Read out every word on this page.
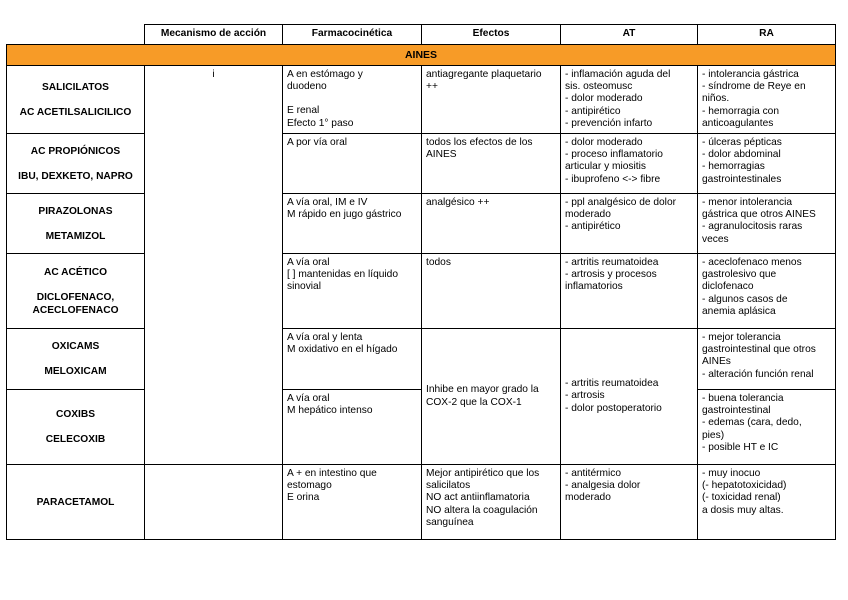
	Mecanismo de acción	Farmacocinética	Efectos	AT	RA
AINES					

SALICILATOS
AC ACETILSALICILICO	i	A en estómago y
duodeno
E renal
Efecto 1° paso	antiagregante plaquetario
++	- inflamación aguda del
sis. osteomusc
- dolor moderado
- antipirético
- prevención infarto	- intolerancia gástrica
- síndrome de Reye en
niños.
- hemorragia con
anticoagulantes

AC PROPIÓNICOS
IBU, DEXKETO, NAPRO		A por vía oral	todos los efectos de los
AINES	- dolor moderado
- proceso inflamatorio
articular y miositis
- ibuprofeno <-> fibre	- úlceras pépticas
- dolor abdominal
- hemorragias
gastrointestinales

PIRAZOLONAS
METAMIZOL		A vía oral, IM e IV
M rápido en jugo gástrico	analgésico ++	- ppl analgésico de dolor
moderado
- antipirético	- menor intolerancia
gástrica que otros AINES
- agranulocitosis raras
veces

AC ACÉTICO
DICLOFENACO,
ACECLOFENACO		A vía oral
[ ] mantenidas en líquido
sinovial	todos	- artritis reumatoidea
- artrosis y procesos
inflamatorios	- aceclofenaco menos
gastrolesivo que
diclofenaco
- algunos casos de
anemia aplásica

OXICAMS
MELOXICAM		A vía oral y lenta
M oxidativo en el hígado	Inhibe en mayor grado la
COX-2 que la COX-1	- artritis reumatoidea
- artrosis
- dolor postoperatorio	- mejor tolerancia
gastrointestinal que otros
AINEs
- alteración función renal

COXIBS
CELECOXIB		A vía oral
M hepático intenso			- buena tolerancia
gastrointestinal
- edemas (cara, dedo,
pies)
- posible HT e IC

PARACETAMOL		A + en intestino que
estomago
E orina	Mejor antipirético que los
salicilatos
NO act antiinflamatoria
NO altera la coagulación
sanguínea	- antitérmico
- analgesia dolor
moderado	- muy inocuo
(- hepatotoxicidad)
(- toxicidad renal)
a dosis muy altas.
